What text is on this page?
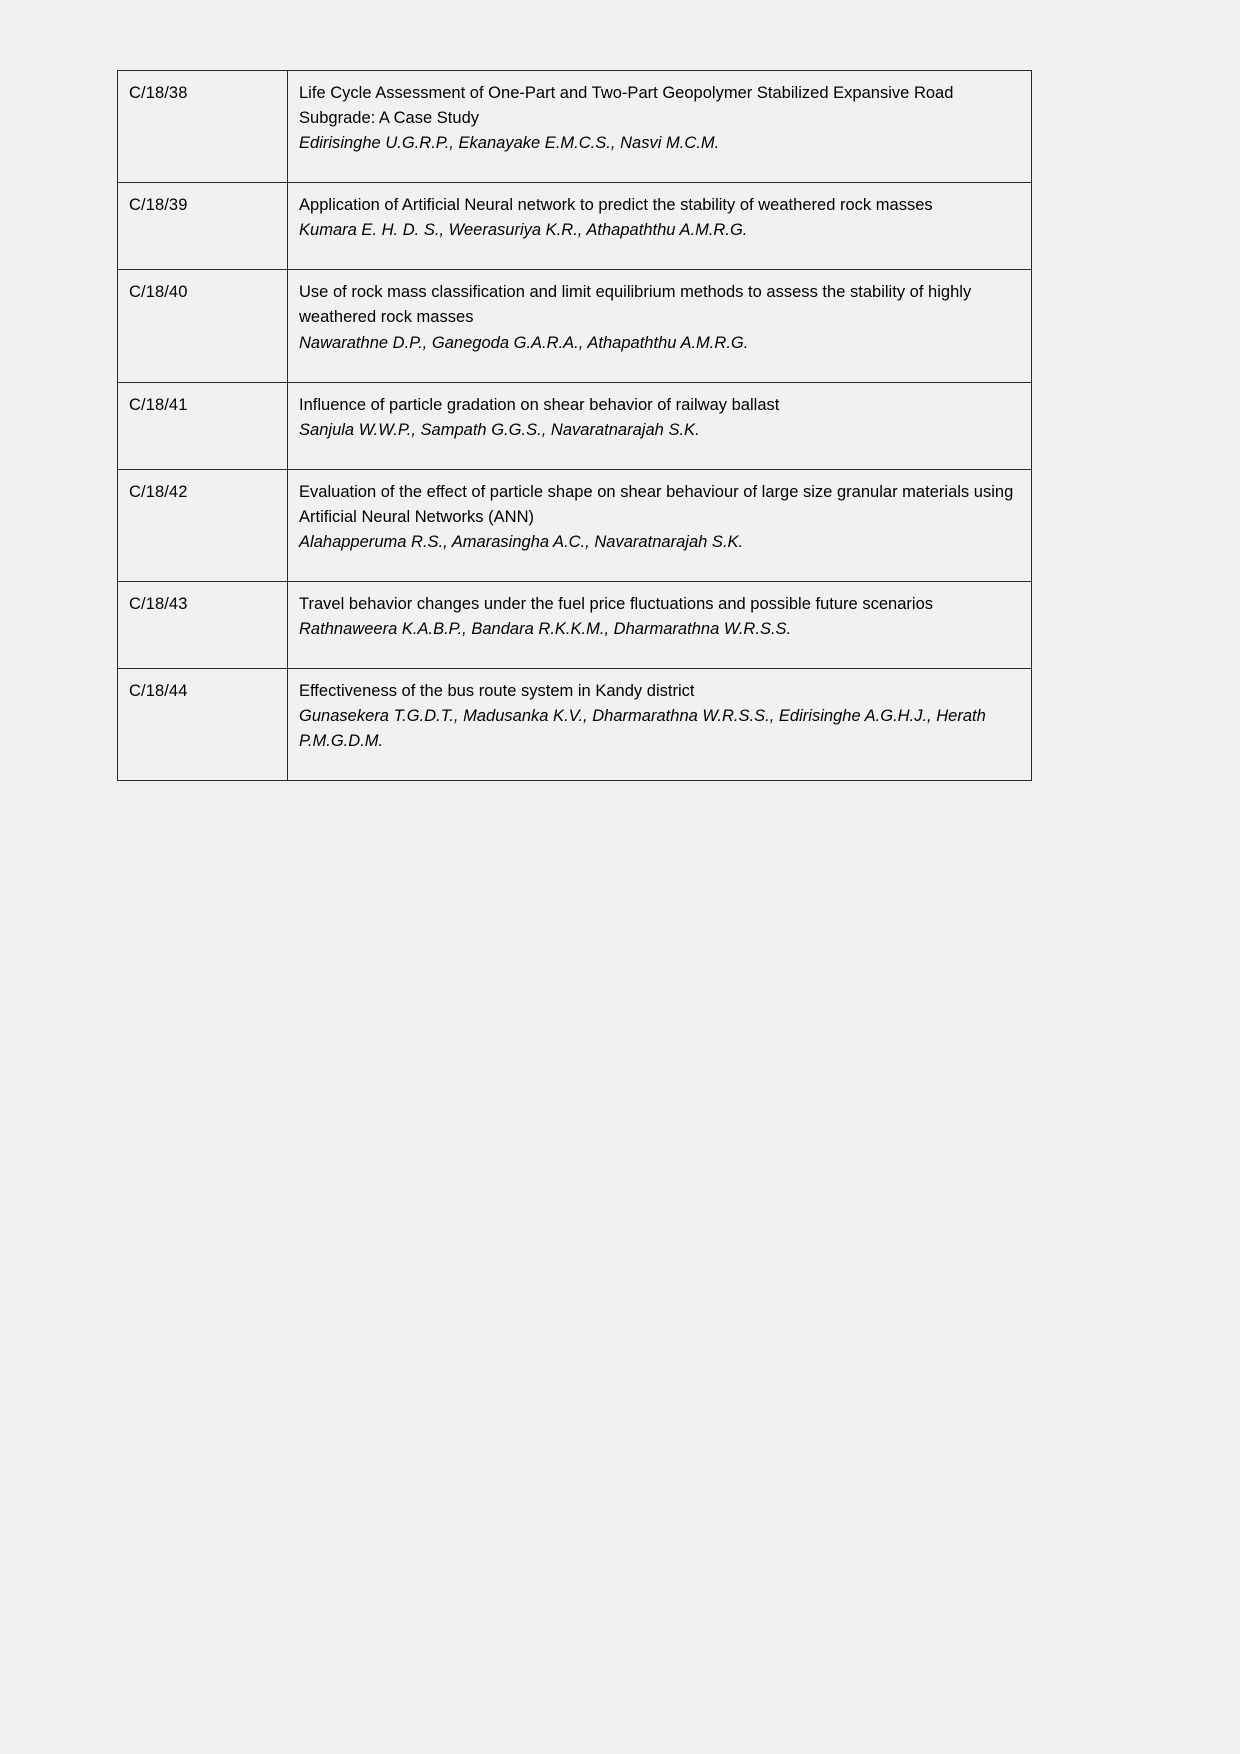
C/18/38	Life Cycle Assessment of One-Part and Two-Part Geopolymer Stabilized Expansive Road Subgrade: A Case Study
Edirisinghe U.G.R.P., Ekanayake E.M.C.S., Nasvi M.C.M.

C/18/39	Application of Artificial Neural network to predict the stability of weathered rock masses
Kumara E. H. D. S., Weerasuriya K.R., Athapaththu A.M.R.G.

C/18/40	Use of rock mass classification and limit equilibrium methods to assess the stability of highly weathered rock masses
Nawarathne D.P., Ganegoda G.A.R.A., Athapaththu A.M.R.G.

C/18/41	Influence of particle gradation on shear behavior of railway ballast
Sanjula W.W.P., Sampath G.G.S., Navaratnarajah S.K.

C/18/42	Evaluation of the effect of particle shape on shear behaviour of large size granular materials using Artificial Neural Networks (ANN)
Alahapperuma R.S., Amarasingha A.C., Navaratnarajah S.K.

C/18/43	Travel behavior changes under the fuel price fluctuations and possible future scenarios
Rathnaweera K.A.B.P., Bandara R.K.K.M., Dharmarathna W.R.S.S.

C/18/44	Effectiveness of the bus route system in Kandy district
Gunasekera T.G.D.T., Madusanka K.V., Dharmarathna W.R.S.S., Edirisinghe A.G.H.J., Herath P.M.G.D.M.
